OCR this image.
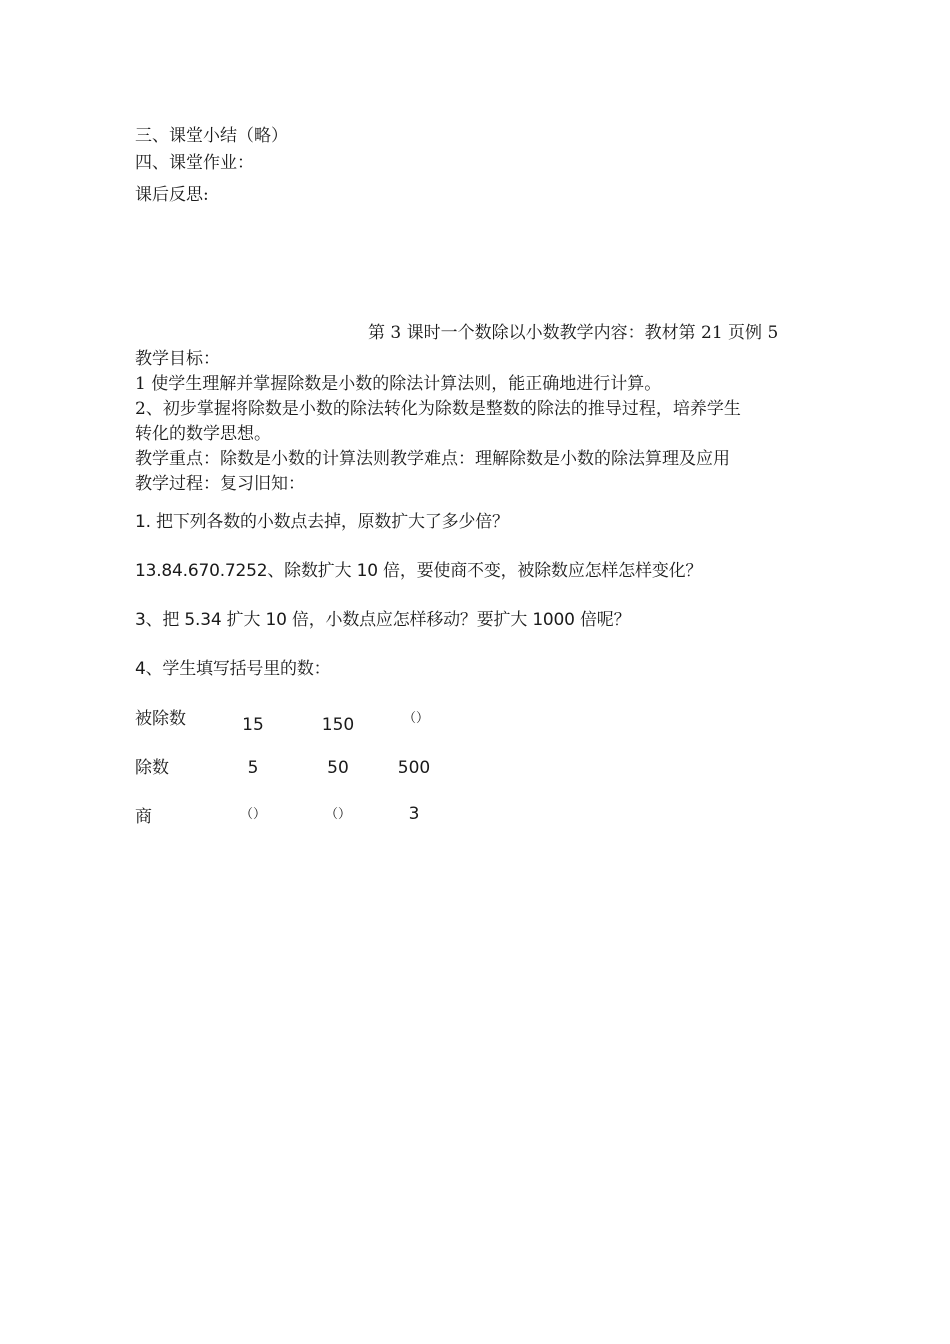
三、课堂小结（略）
四、课堂作业：
课后反思:
第 3 课时一个数除以小数教学内容：教材第 21 页例 5
教学目标：
1 使学生理解并掌握除数是小数的除法计算法则，能正确地进行计算。
2、初步掌握将除数是小数的除法转化为除数是整数的除法的推导过程，培养学生
转化的数学思想。
教学重点：除数是小数的计算法则教学难点：理解除数是小数的除法算理及应用
教学过程：复习旧知：
1. 把下列各数的小数点去掉，原数扩大了多少倍？
13.84.670.7252、除数扩大 10 倍，要使商不变，被除数应怎样怎样变化？
3、把 5.34 扩大 10 倍，小数点应怎样移动？要扩大 1000 倍呢？
4、学生填写括号里的数：
被除数	15	150	（）
除数	5	50	500
商	（）	（）	3
